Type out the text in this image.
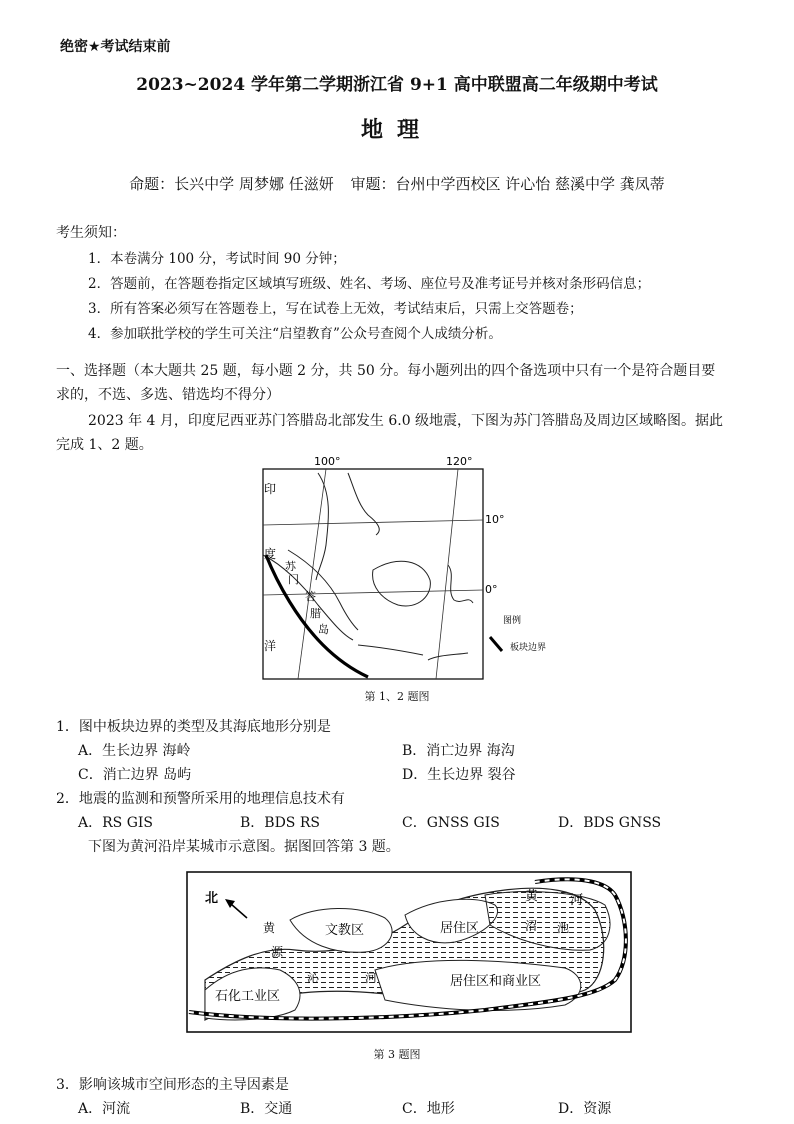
绝密★考试结束前
2023~2024 学年第二学期浙江省 9+1 高中联盟高二年级期中考试
地理
命题：长兴中学 周梦娜 任滋妍 审题：台州中学西校区 许心怡 慈溪中学 龚凤蒂
考生须知：
1．本卷满分 100 分，考试时间 90 分钟；
2．答题前，在答题卷指定区域填写班级、姓名、考场、座位号及准考证号并核对条形码信息；
3．所有答案必须写在答题卷上，写在试卷上无效，考试结束后，只需上交答题卷；
4．参加联批学校的学生可关注“启望教育”公众号查阅个人成绩分析。
一、选择题（本大题共 25 题，每小题 2 分，共 50 分。每小题列出的四个备选项中只有一个是符合题目要
求的，不选、多选、错选均不得分）
2023 年 4 月，印度尼西亚苏门答腊岛北部发生 6.0 级地震，下图为苏门答腊岛及周边区域略图。据此
完成 1、2 题。
图例
板块边界
100°	120°
10°
0°
印
度
洋
苏
门
答
腊
岛
第 1、2 题图
1．图中板块边界的类型及其海底地形分别是
A．生长边界 海岭	B．消亡边界 海沟
C．消亡边界 岛屿	D．生长边界 裂谷
2．地震的监测和预警所采用的地理信息技术有
A．RS GIS	B．BDS RS	C．GNSS GIS	D．BDS GNSS
下图为黄河沿岸某城市示意图。据图回答第 3 题。
北	黄 河
文教区	居住区
黄
源
沼 池
沁
石化工业区
河	居住区和商业区
第 3 题图
3．影响该城市空间形态的主导因素是
A．河流	B．交通	C．地形	D．资源
